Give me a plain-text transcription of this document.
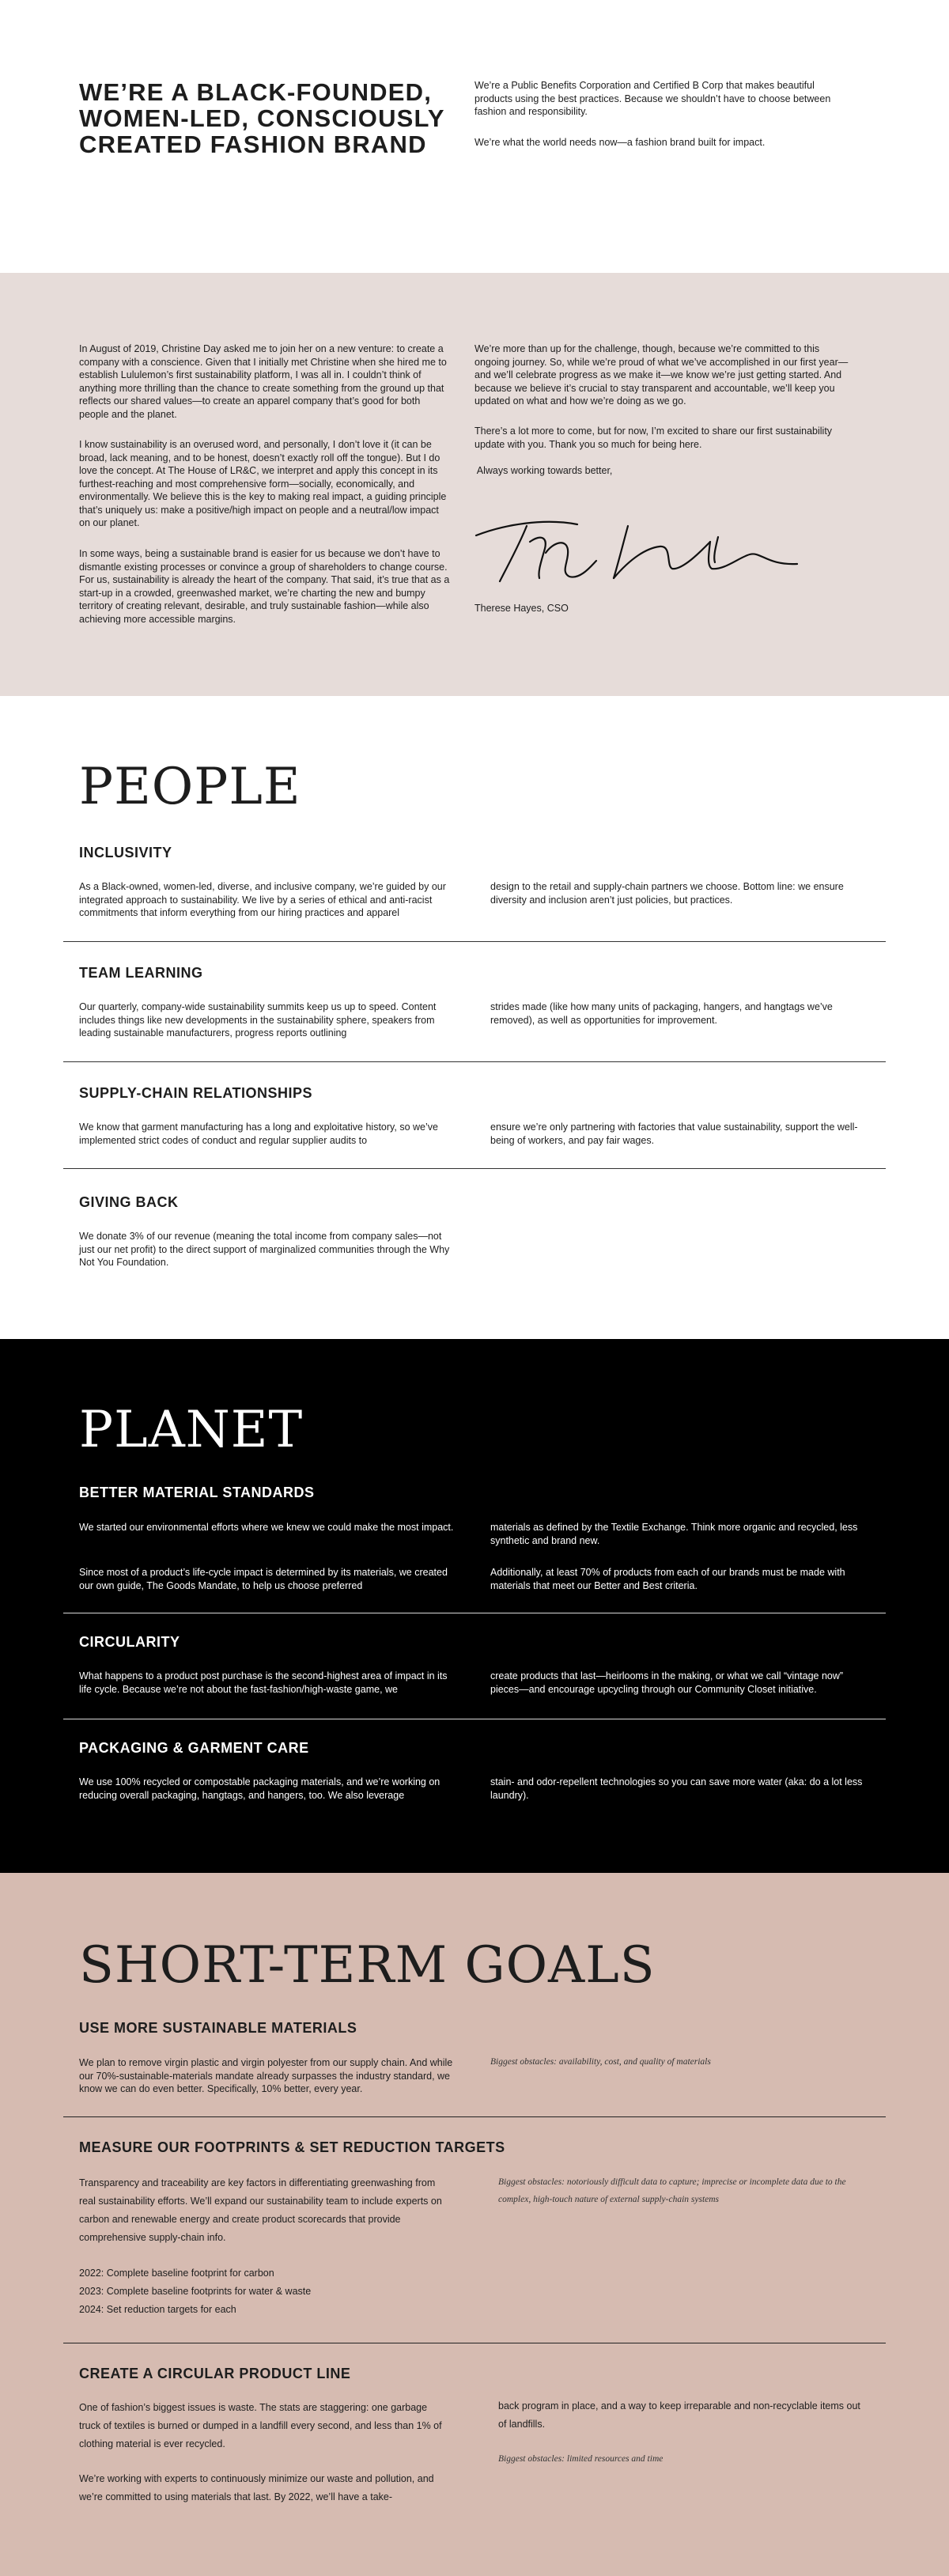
WE’RE A BLACK-FOUNDED,
WOMEN-LED, CONSCIOUSLY
CREATED FASHION BRAND

We’re a Public Benefits Corporation and Certified B Corp that makes beautiful products using the best practices. Because we shouldn’t have to choose between fashion and responsibility.

We’re what the world needs now—a fashion brand built for impact.

In August of 2019, Christine Day asked me to join her on a new venture: to create a company with a conscience. Given that I initially met Christine when she hired me to establish Lululemon’s first sustainability platform, I was all in. I couldn’t think of anything more thrilling than the chance to create something from the ground up that reflects our shared values—to create an apparel company that’s good for both people and the planet.

I know sustainability is an overused word, and personally, I don’t love it (it can be broad, lack meaning, and to be honest, doesn’t exactly roll off the tongue). But I do love the concept. At The House of LR&C, we interpret and apply this concept in its furthest-reaching and most comprehensive form—socially, economically, and environmentally. We believe this is the key to making real impact, a guiding principle that’s uniquely us: make a positive/high impact on people and a neutral/low impact on our planet.

In some ways, being a sustainable brand is easier for us because we don’t have to dismantle existing processes or convince a group of shareholders to change course. For us, sustainability is already the heart of the company. That said, it’s true that as a start-up in a crowded, greenwashed market, we’re charting the new and bumpy territory of creating relevant, desirable, and truly sustainable fashion—while also achieving more accessible margins.

We’re more than up for the challenge, though, because we’re committed to this ongoing journey. So, while we’re proud of what we’ve accomplished in our first year—and we’ll celebrate progress as we make it—we know we’re just getting started. And because we believe it’s crucial to stay transparent and accountable, we’ll keep you updated on what and how we’re doing as we go.

There’s a lot more to come, but for now, I’m excited to share our first sustainability update with you. Thank you so much for being here.

Always working towards better,

Therese Hayes, CSO

PEOPLE
INCLUSIVITY

As a Black-owned, women-led, diverse, and inclusive company, we’re guided by our integrated approach to sustainability. We live by a series of ethical and anti-racist commitments that inform everything from our hiring practices and apparel

design to the retail and supply-chain partners we choose. Bottom line: we ensure diversity and inclusion aren’t just policies, but practices.

TEAM LEARNING

Our quarterly, company-wide sustainability summits keep us up to speed. Content includes things like new developments in the sustainability sphere, speakers from leading sustainable manufacturers, progress reports outlining

strides made (like how many units of packaging, hangers, and hangtags we’ve removed), as well as opportunities for improvement.

SUPPLY-CHAIN RELATIONSHIPS

We know that garment manufacturing has a long and exploitative history, so we’ve implemented strict codes of conduct and regular supplier audits to

ensure we’re only partnering with factories that value sustainability, support the well-being of workers, and pay fair wages.

GIVING BACK

We donate 3% of our revenue (meaning the total income from company sales—not just our net profit) to the direct support of marginalized communities through the Why Not You Foundation.

PLANET
BETTER MATERIAL STANDARDS

We started our environmental efforts where we knew we could make the most impact.

Since most of a product’s life-cycle impact is determined by its materials, we created our own guide, The Goods Mandate, to help us choose preferred

materials as defined by the Textile Exchange. Think more organic and recycled, less synthetic and brand new.

Additionally, at least 70% of products from each of our brands must be made with materials that meet our Better and Best criteria.

CIRCULARITY

What happens to a product post purchase is the second-highest area of impact in its life cycle. Because we’re not about the fast-fashion/high-waste game, we

create products that last—heirlooms in the making, or what we call “vintage now” pieces—and encourage upcycling through our Community Closet initiative.

PACKAGING & GARMENT CARE

We use 100% recycled or compostable packaging materials, and we’re working on reducing overall packaging, hangtags, and hangers, too. We also leverage

stain- and odor-repellent technologies so you can save more water (aka: do a lot less laundry).

SHORT-TERM GOALS
USE MORE SUSTAINABLE MATERIALS

We plan to remove virgin plastic and virgin polyester from our supply chain. And while our 70%-sustainable-materials mandate already surpasses the industry standard, we know we can do even better. Specifically, 10% better, every year.

Biggest obstacles: availability, cost, and quality of materials

MEASURE OUR FOOTPRINTS & SET REDUCTION TARGETS

Transparency and traceability are key factors in differentiating greenwashing from real sustainability efforts. We’ll expand our sustainability team to include experts on carbon and renewable energy and create product scorecards that provide comprehensive supply-chain info.

2022: Complete baseline footprint for carbon

2023: Complete baseline footprints for water & waste

2024: Set reduction targets for each

Biggest obstacles: notoriously difficult data to capture; imprecise or incomplete data due to the complex, high-touch nature of external supply-chain systems

CREATE A CIRCULAR PRODUCT LINE

One of fashion’s biggest issues is waste. The stats are staggering: one garbage truck of textiles is burned or dumped in a landfill every second, and less than 1% of clothing material is ever recycled.

We’re working with experts to continuously minimize our waste and pollution, and we’re committed to using materials that last. By 2022, we’ll have a take-

back program in place, and a way to keep irreparable and non-recyclable items out of landfills.

Biggest obstacles: limited resources and time
